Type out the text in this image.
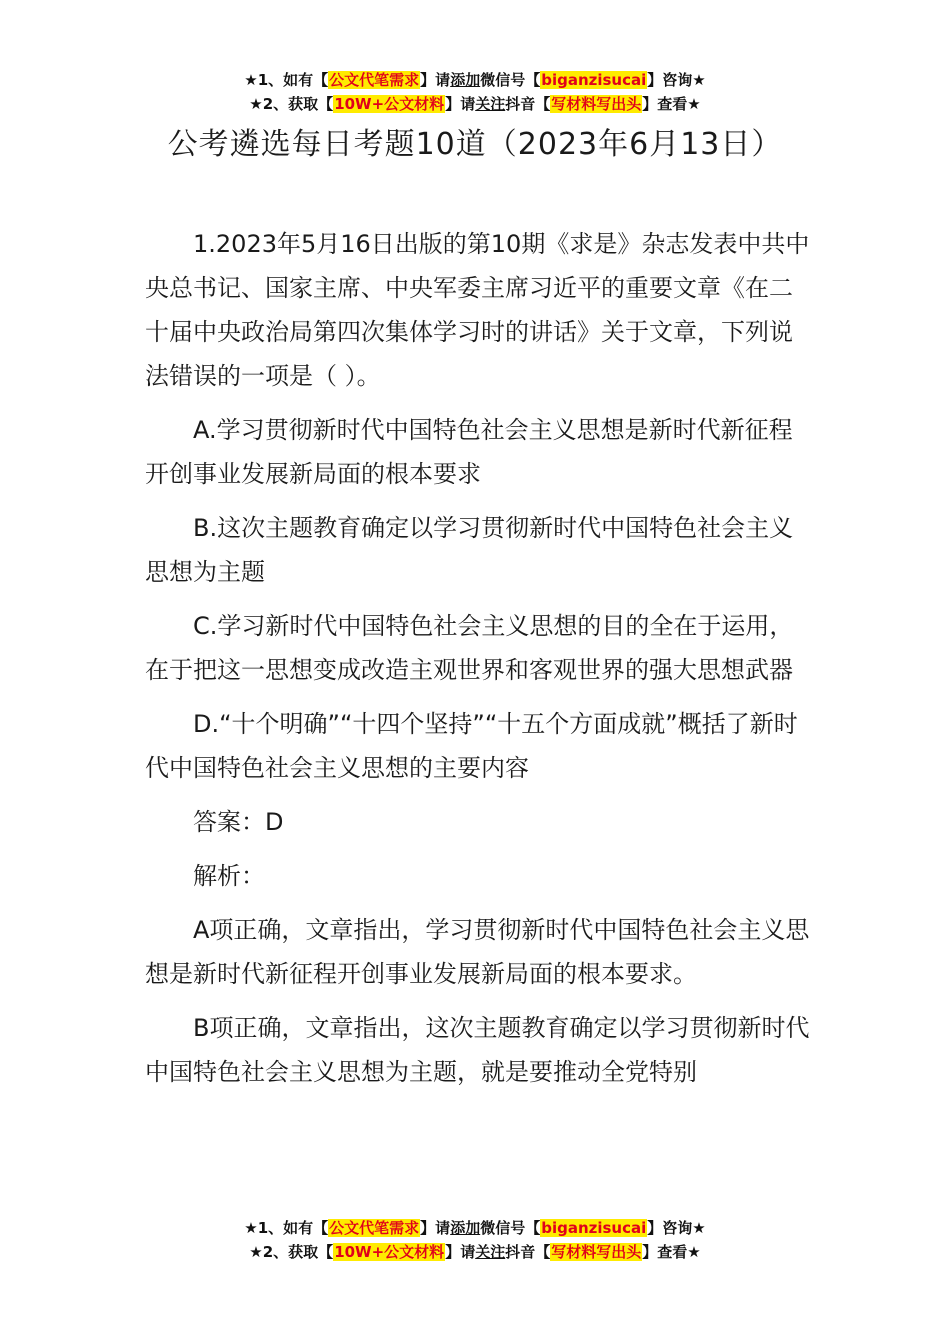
★1、如有【公文代笔需求】请添加微信号【biganzisucai】咨询★
★2、获取【10W+公文材料】请关注抖音【写材料写出头】查看★
公考遴选每日考题10道（2023年6月13日）

1.2023年5月16日出版的第10期《求是》杂志发表中共中央总书记、国家主席、中央军委主席习近平的重要文章《在二十届中央政治局第四次集体学习时的讲话》关于文章，下列说法错误的一项是（ ）。

A.学习贯彻新时代中国特色社会主义思想是新时代新征程开创事业发展新局面的根本要求

B.这次主题教育确定以学习贯彻新时代中国特色社会主义思想为主题

C.学习新时代中国特色社会主义思想的目的全在于运用，在于把这一思想变成改造主观世界和客观世界的强大思想武器

D.“十个明确”“十四个坚持”“十五个方面成就”概括了新时代中国特色社会主义思想的主要内容

答案：D

解析：

A项正确，文章指出，学习贯彻新时代中国特色社会主义思想是新时代新征程开创事业发展新局面的根本要求。

B项正确，文章指出，这次主题教育确定以学习贯彻新时代中国特色社会主义思想为主题，就是要推动全党特别

★1、如有【公文代笔需求】请添加微信号【biganzisucai】咨询★
★2、获取【10W+公文材料】请关注抖音【写材料写出头】查看★
